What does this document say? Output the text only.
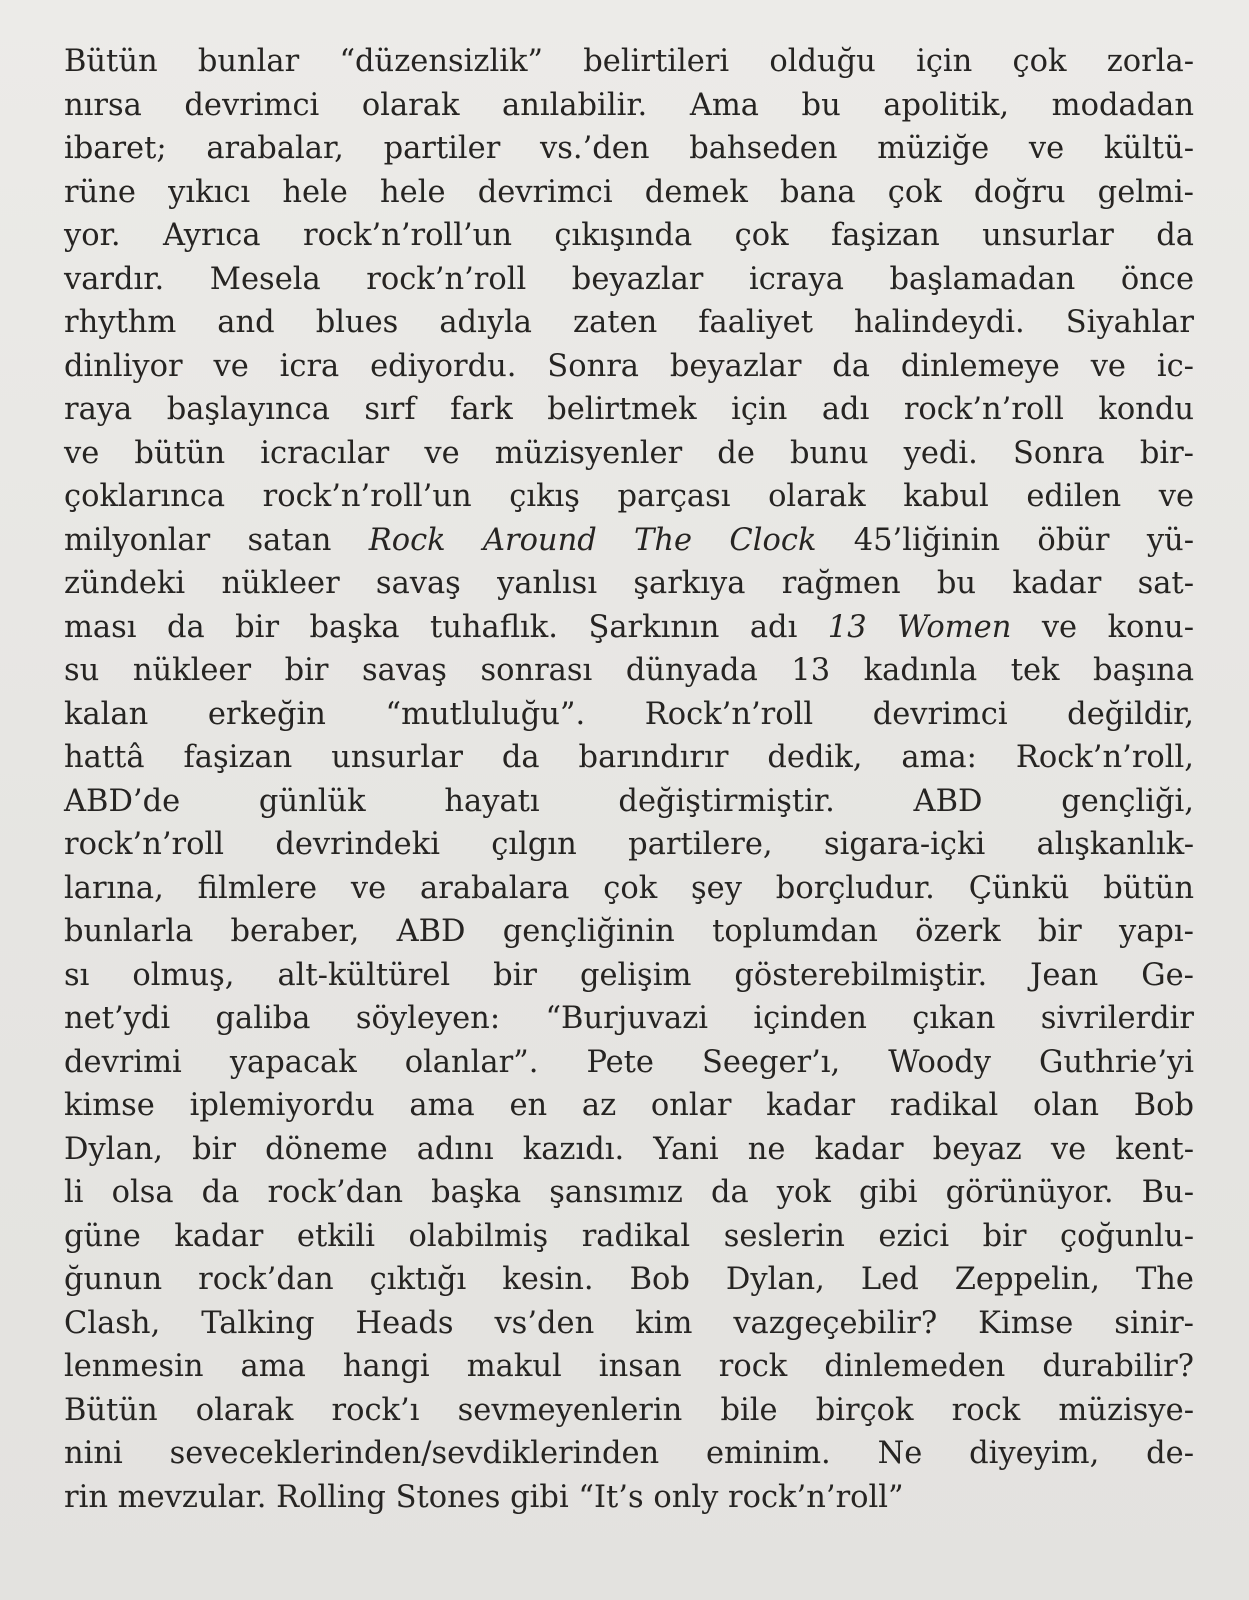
Bütün bunlar “düzensizlik” belirtileri olduğu için çok zorla-
nırsa devrimci olarak anılabilir. Ama bu apolitik, modadan
ibaret; arabalar, partiler vs.’den bahseden müziğe ve kültü-
rüne yıkıcı hele hele devrimci demek bana çok doğru gelmi-
yor. Ayrıca rock’n’roll’un çıkışında çok faşizan unsurlar da
vardır. Mesela rock’n’roll beyazlar icraya başlamadan önce
rhythm and blues adıyla zaten faaliyet halindeydi. Siyahlar
dinliyor ve icra ediyordu. Sonra beyazlar da dinlemeye ve ic-
raya başlayınca sırf fark belirtmek için adı rock’n’roll kondu
ve bütün icracılar ve müzisyenler de bunu yedi. Sonra bir-
çoklarınca rock’n’roll’un çıkış parçası olarak kabul edilen ve
milyonlar satan Rock Around The Clock 45’liğinin öbür yü-
zündeki nükleer savaş yanlısı şarkıya rağmen bu kadar sat-
ması da bir başka tuhaflık. Şarkının adı 13 Women ve konu-
su nükleer bir savaş sonrası dünyada 13 kadınla tek başına
kalan erkeğin “mutluluğu”. Rock’n’roll devrimci değildir,
hattâ faşizan unsurlar da barındırır dedik, ama: Rock’n’roll,
ABD’de günlük hayatı değiştirmiştir. ABD gençliği,
rock’n’roll devrindeki çılgın partilere, sigara-içki alışkanlık-
larına, filmlere ve arabalara çok şey borçludur. Çünkü bütün
bunlarla beraber, ABD gençliğinin toplumdan özerk bir yapı-
sı olmuş, alt-kültürel bir gelişim gösterebilmiştir. Jean Ge-
net’ydi galiba söyleyen: “Burjuvazi içinden çıkan sivrilerdir
devrimi yapacak olanlar”. Pete Seeger’ı, Woody Guthrie’yi
kimse iplemiyordu ama en az onlar kadar radikal olan Bob
Dylan, bir döneme adını kazıdı. Yani ne kadar beyaz ve kent-
li olsa da rock’dan başka şansımız da yok gibi görünüyor. Bu-
güne kadar etkili olabilmiş radikal seslerin ezici bir çoğunlu-
ğunun rock’dan çıktığı kesin. Bob Dylan, Led Zeppelin, The
Clash, Talking Heads vs’den kim vazgeçebilir? Kimse sinir-
lenmesin ama hangi makul insan rock dinlemeden durabilir?
Bütün olarak rock’ı sevmeyenlerin bile birçok rock müzisye-
nini seveceklerinden/sevdiklerinden eminim. Ne diyeyim, de-
rin mevzular. Rolling Stones gibi “It’s only rock’n’roll”
